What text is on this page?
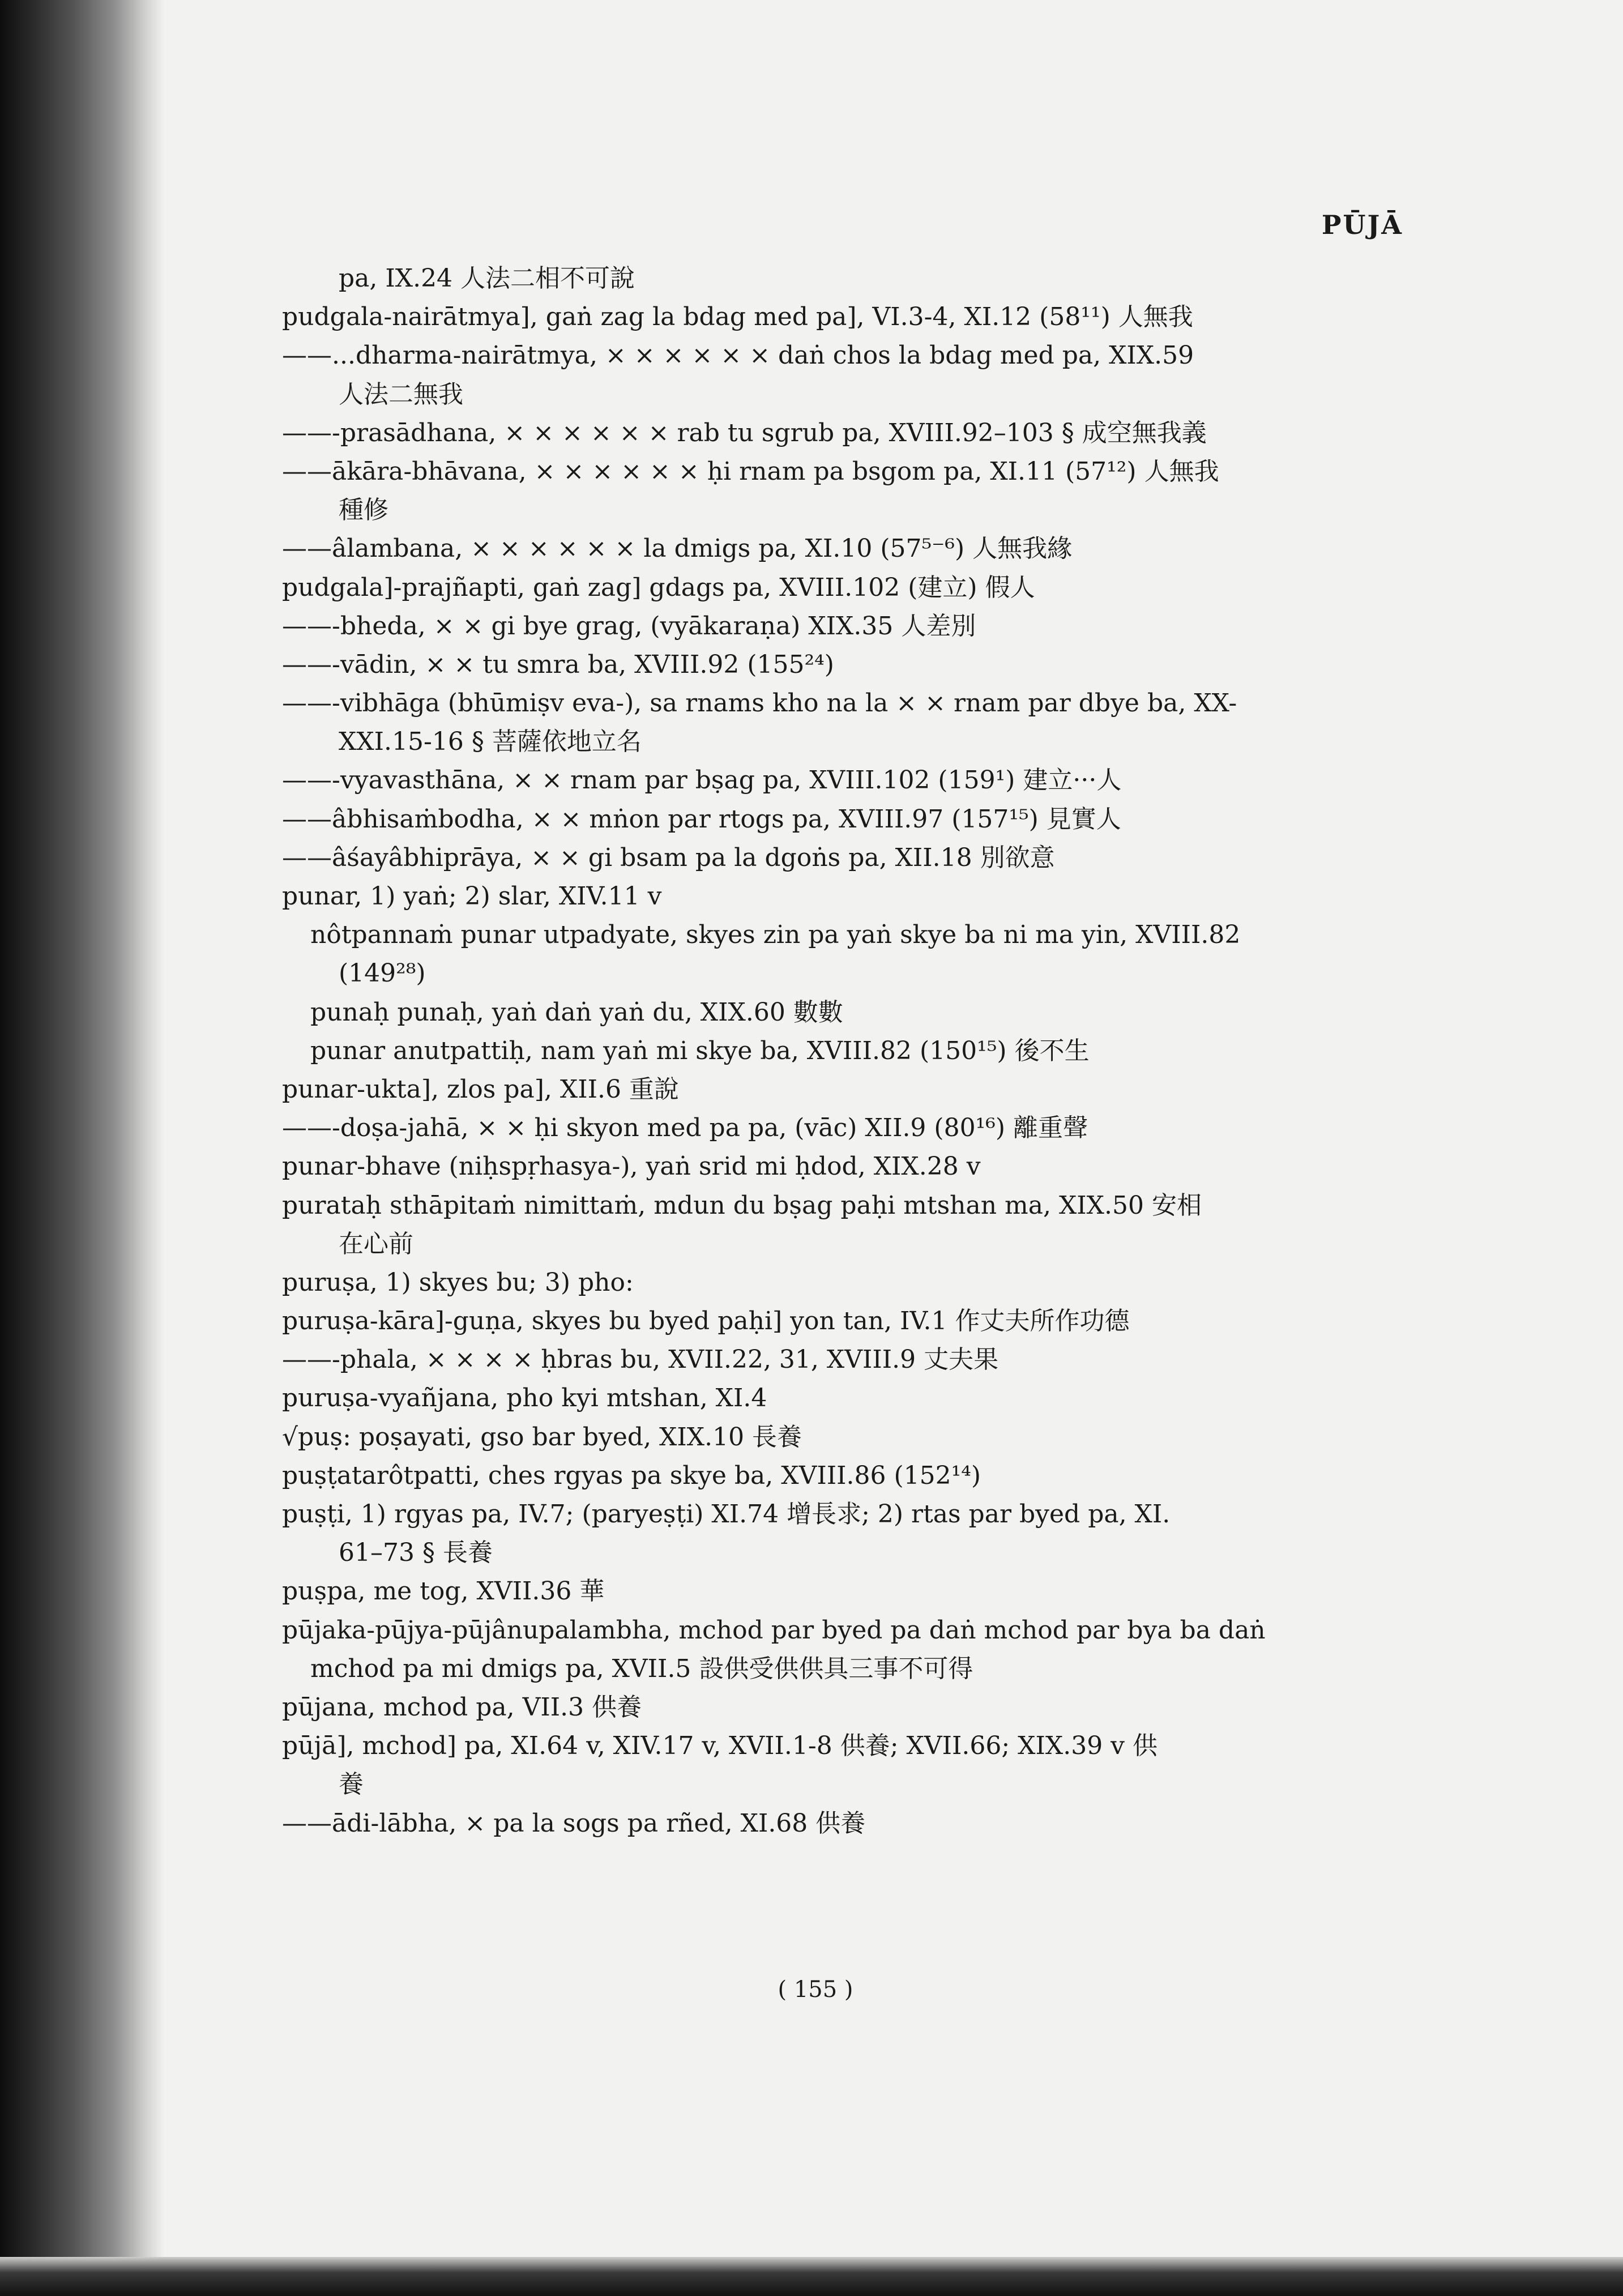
PŪJĀ
pa, IX.24 人法二相不可說
pudgala-nairātmya], gaṅ zag la bdag med pa], VI.3-4, XI.12 (58¹¹) 人無我
——...dharma-nairātmya, × × × × × × daṅ chos la bdag med pa, XIX.59
人法二無我
——-prasādhana, × × × × × × rab tu sgrub pa, XVIII.92–103 § 成空無我義
——ākāra-bhāvana, × × × × × × ḥi rnam pa bsgom pa, XI.11 (57¹²) 人無我
種修
——âlambana, × × × × × × la dmigs pa, XI.10 (57⁵⁻⁶) 人無我緣
pudgala]-prajñapti, gaṅ zag] gdags pa, XVIII.102 (建立) 假人
——-bheda, × × gi bye grag, (vyākaraṇa) XIX.35 人差別
——-vādin, × × tu smra ba, XVIII.92 (155²⁴)
——-vibhāga (bhūmiṣv eva-), sa rnams kho na la × × rnam par dbye ba, XX-
XXI.15-16 § 菩薩依地立名
——-vyavasthāna, × × rnam par bṣag pa, XVIII.102 (159¹) 建立···人
——âbhisaṁbodha, × × mṅon par rtogs pa, XVIII.97 (157¹⁵) 見實人
——âśayâbhiprāya, × × gi bsam pa la dgoṅs pa, XII.18 別欲意
punar, 1) yaṅ; 2) slar, XIV.11 v
nôtpannaṁ punar utpadyate, skyes zin pa yaṅ skye ba ni ma yin, XVIII.82
(149²⁸)
punaḥ punaḥ, yaṅ daṅ yaṅ du, XIX.60 數數
punar anutpattiḥ, nam yaṅ mi skye ba, XVIII.82 (150¹⁵) 後不生
punar-ukta], zlos pa], XII.6 重說
——-doṣa-jahā, × × ḥi skyon med pa pa, (vāc) XII.9 (80¹⁶) 離重聲
punar-bhave (niḥspṛhasya-), yaṅ srid mi ḥdod, XIX.28 v
purataḥ sthāpitaṁ nimittaṁ, mdun du bṣag paḥi mtshan ma, XIX.50 安相
在心前
puruṣa, 1) skyes bu; 3) pho:
puruṣa-kāra]-guṇa, skyes bu byed paḥi] yon tan, IV.1 作丈夫所作功德
——-phala, × × × × ḥbras bu, XVII.22, 31, XVIII.9 丈夫果
puruṣa-vyañjana, pho kyi mtshan, XI.4
√puṣ: poṣayati, gso bar byed, XIX.10 長養
puṣṭatarôtpatti, ches rgyas pa skye ba, XVIII.86 (152¹⁴)
puṣṭi, 1) rgyas pa, IV.7; (paryeṣṭi) XI.74 增長求; 2) rtas par byed pa, XI.
61–73 § 長養
puṣpa, me tog, XVII.36 華
pūjaka-pūjya-pūjânupalambha, mchod par byed pa daṅ mchod par bya ba daṅ
mchod pa mi dmigs pa, XVII.5 設供受供供具三事不可得
pūjana, mchod pa, VII.3 供養
pūjā], mchod] pa, XI.64 v, XIV.17 v, XVII.1-8 供養; XVII.66; XIX.39 v 供
養
——ādi-lābha, × pa la sogs pa rñed, XI.68 供養
( 155 )
